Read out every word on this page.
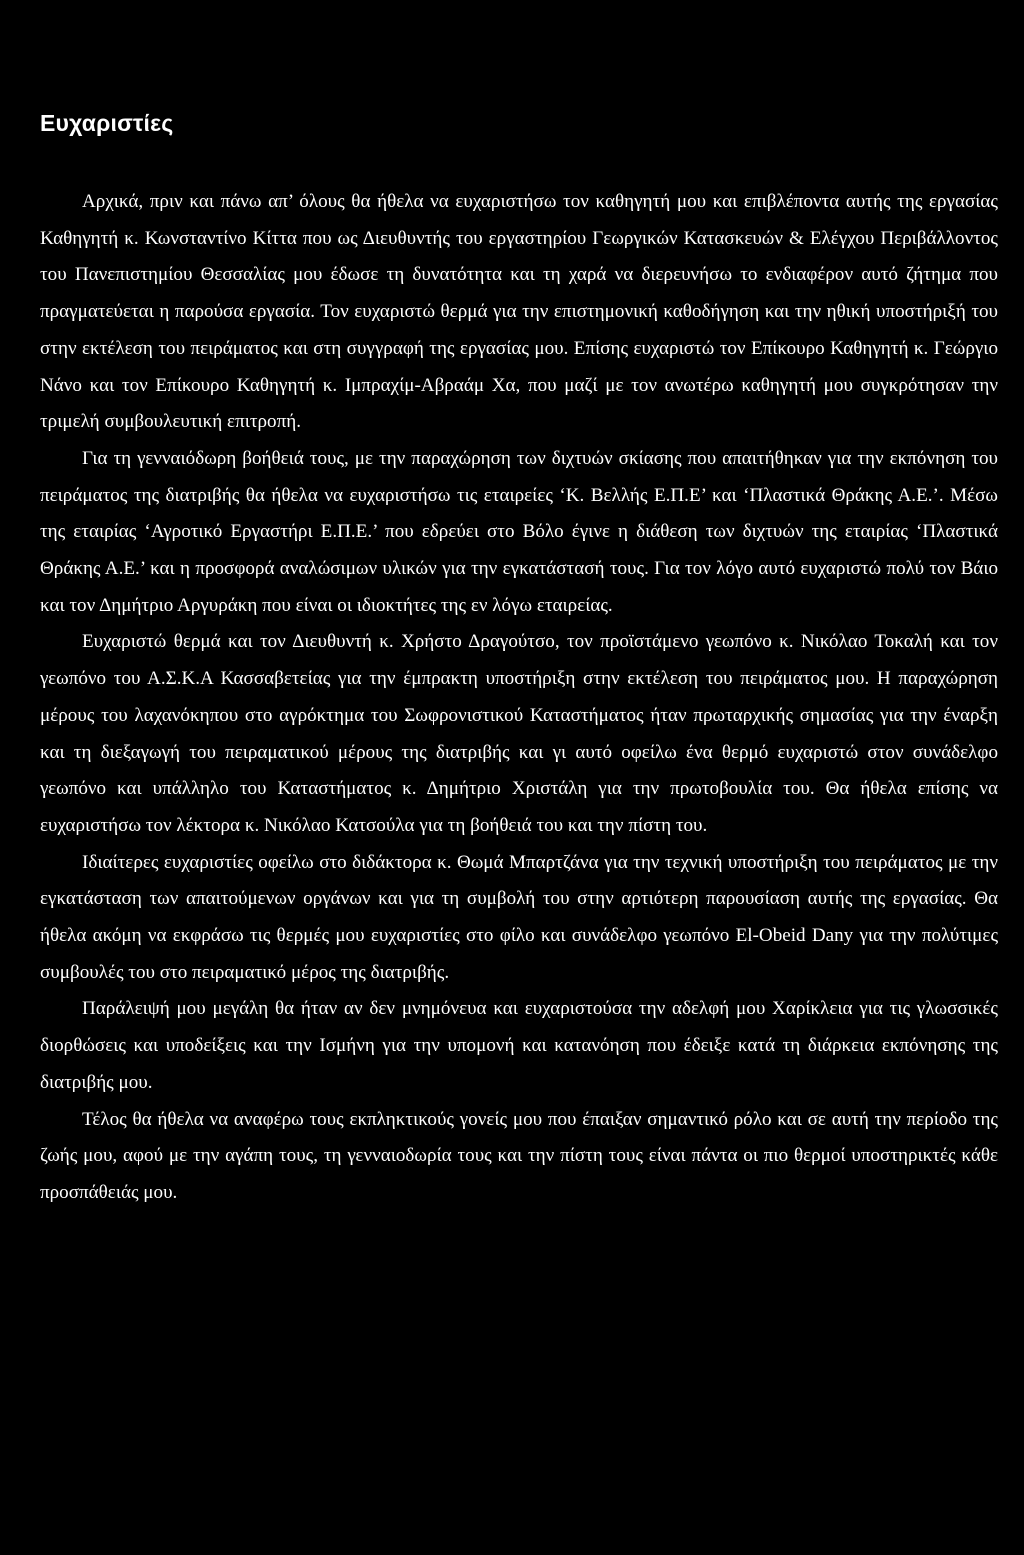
Ευχαριστίες

Αρχικά, πριν και πάνω απ’ όλους θα ήθελα να ευχαριστήσω τον καθηγητή μου και επιβλέποντα αυτής της εργασίας Καθηγητή κ. Κωνσταντίνο Κίττα που ως Διευθυντής του εργαστηρίου Γεωργικών Κατασκευών & Ελέγχου Περιβάλλοντος του Πανεπιστημίου Θεσσαλίας μου έδωσε τη δυνατότητα και τη χαρά να διερευνήσω το ενδιαφέρον αυτό ζήτημα που πραγματεύεται η παρούσα εργασία. Τον ευχαριστώ θερμά για την επιστημονική καθοδήγηση και την ηθική υποστήριξή του στην εκτέλεση του πειράματος και στη συγγραφή της εργασίας μου. Επίσης ευχαριστώ τον Επίκουρο Καθηγητή κ. Γεώργιο Νάνο και τον Επίκουρο Καθηγητή κ. Ιμπραχίμ-Αβραάμ Χα, που μαζί με τον ανωτέρω καθηγητή μου συγκρότησαν την τριμελή συμβουλευτική επιτροπή.

Για τη γενναιόδωρη βοήθειά τους, με την παραχώρηση των διχτυών σκίασης που απαιτήθηκαν για την εκπόνηση του πειράματος της διατριβής θα ήθελα να ευχαριστήσω τις εταιρείες ‘Κ. Βελλής Ε.Π.Ε’ και ‘Πλαστικά Θράκης Α.Ε.’. Μέσω της εταιρίας ‘Αγροτικό Εργαστήρι Ε.Π.Ε.’ που εδρεύει στο Βόλο έγινε η διάθεση των διχτυών της εταιρίας ‘Πλαστικά Θράκης Α.Ε.’ και η προσφορά αναλώσιμων υλικών για την εγκατάστασή τους. Για τον λόγο αυτό ευχαριστώ πολύ τον Βάιο και τον Δημήτριο Αργυράκη που είναι οι ιδιοκτήτες της εν λόγω εταιρείας.

Ευχαριστώ θερμά και τον Διευθυντή κ. Χρήστο Δραγούτσο, τον προϊστάμενο γεωπόνο κ. Νικόλαο Τοκαλή και τον γεωπόνο του Α.Σ.Κ.Α Κασσαβετείας για την έμπρακτη υποστήριξη στην εκτέλεση του πειράματος μου. Η παραχώρηση μέρους του λαχανόκηπου στο αγρόκτημα του Σωφρονιστικού Καταστήματος ήταν πρωταρχικής σημασίας για την έναρξη και τη διεξαγωγή του πειραματικού μέρους της διατριβής και γι αυτό οφείλω ένα θερμό ευχαριστώ στον συνάδελφο γεωπόνο και υπάλληλο του Καταστήματος κ. Δημήτριο Χριστάλη για την πρωτοβουλία του. Θα ήθελα επίσης να ευχαριστήσω τον λέκτορα κ. Νικόλαο Κατσούλα για τη βοήθειά του και την πίστη του.

Ιδιαίτερες ευχαριστίες οφείλω στο διδάκτορα κ. Θωμά Μπαρτζάνα για την τεχνική υποστήριξη του πειράματος με την εγκατάσταση των απαιτούμενων οργάνων και για τη συμβολή του στην αρτιότερη παρουσίαση αυτής της εργασίας. Θα ήθελα ακόμη να εκφράσω τις θερμές μου ευχαριστίες στο φίλο και συνάδελφο γεωπόνο El-Obeid Dany για την πολύτιμες συμβουλές του στο πειραματικό μέρος της διατριβής.

Παράλειψή μου μεγάλη θα ήταν αν δεν μνημόνευα και ευχαριστούσα την αδελφή μου Χαρίκλεια για τις γλωσσικές διορθώσεις και υποδείξεις και την Ισμήνη για την υπομονή και κατανόηση που έδειξε κατά τη διάρκεια εκπόνησης της διατριβής μου.

Τέλος θα ήθελα να αναφέρω τους εκπληκτικούς γονείς μου που έπαιξαν σημαντικό ρόλο και σε αυτή την περίοδο της ζωής μου, αφού με την αγάπη τους, τη γενναιοδωρία τους και την πίστη τους είναι πάντα οι πιο θερμοί υποστηρικτές κάθε προσπάθειάς μου.
